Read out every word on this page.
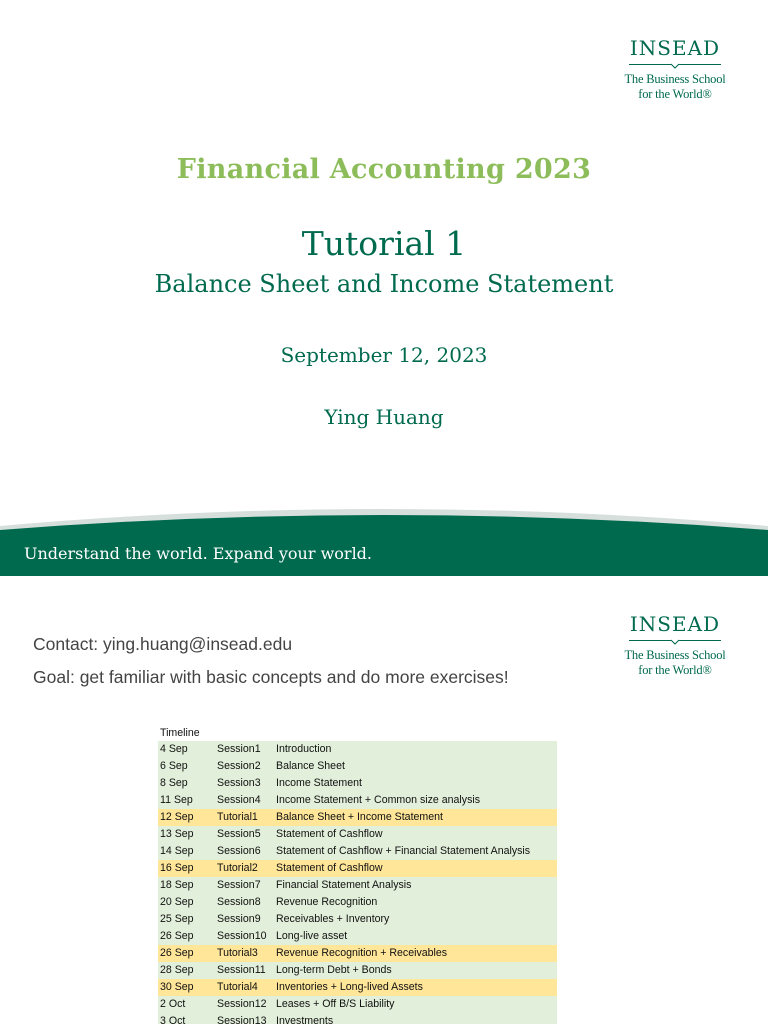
INSEAD
The Business School
for the World®
Financial Accounting 2023
Tutorial 1
Balance Sheet and Income Statement
September 12, 2023
Ying Huang
Understand the world. Expand your world.
INSEAD
The Business School
for the World®
Contact: ying.huang@insead.edu
Goal: get familiar with basic concepts and do more exercises!
Timeline
4 Sep	Session1	Introduction
6 Sep	Session2	Balance Sheet
8 Sep	Session3	Income Statement
11 Sep	Session4	Income Statement + Common size analysis
12 Sep	Tutorial1	Balance Sheet + Income Statement
13 Sep	Session5	Statement of Cashflow
14 Sep	Session6	Statement of Cashflow + Financial Statement Analysis
16 Sep	Tutorial2	Statement of Cashflow
18 Sep	Session7	Financial Statement Analysis
20 Sep	Session8	Revenue Recognition
25 Sep	Session9	Receivables + Inventory
26 Sep	Session10 Long-live asset
26 Sep	Tutorial3	Revenue Recognition + Receivables
28 Sep	Session11 Long-term Debt + Bonds
30 Sep	Tutorial4	Inventories + Long-lived Assets
2 Oct	Session12 Leases + Off B/S Liability
3 Oct	Session13 Investments
